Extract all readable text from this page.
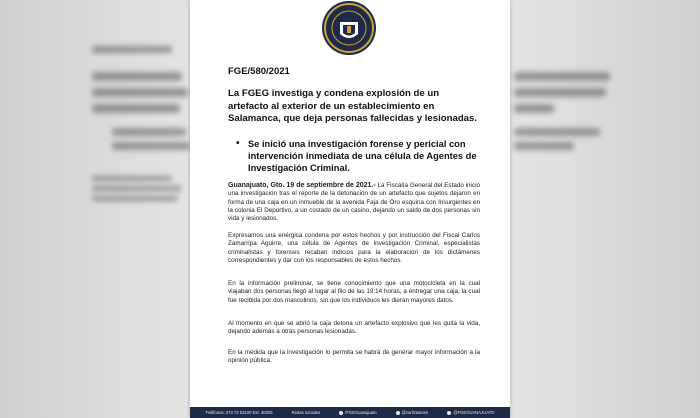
FGE/580/2021
La FGEG investiga y condena explosión de un artefacto al exterior de un establecimiento en Salamanca, que deja personas fallecidas y lesionadas.
• Se inició una investigación forense y pericial con intervención inmediata de una célula de Agentes de Investigación Criminal.
Guanajuato, Gto. 19 de septiembre de 2021.- La Fiscalía General del Estado inició una investigación tras el reporte de la detonación de un artefacto que sujetos dejaron en forma de una caja en un inmueble de la avenida Faja de Oro esquina con Insurgentes en la colonia El Deportivo, a un costado de un casino, dejando un saldo de dos personas sin vida y lesionados.
Expresamos una enérgica condena por estos hechos y por instrucción del Fiscal Carlos Zamarripa Aguirre, una célula de Agentes de Investigación Criminal, especialistas criminalistas y forenses recaban indicios para la elaboración de los dictámenes correspondientes y dar con los responsables de estos hechos.
En la información preliminar, se tiene conocimiento que una motocicleta en la cual viajaban dos personas llegó al lugar al filo de las 19:14 horas, a entregar una caja, la cual fue recibida por dos masculinos, sin que los individuos les dieran mayores datos.
Al momento en que se abrió la caja detona un artefacto explosivo que les quita la vida, dejando además a otras personas lesionadas.
En la medida que la investigación lo permita se habrá de generar mayor información a la opinión pública.
Teléfonos: 473 73 53100 Ext. 40025	Redes sociales	/FGEGuanajuato	@zarilzasmen	@FGEGUANAJUATO
